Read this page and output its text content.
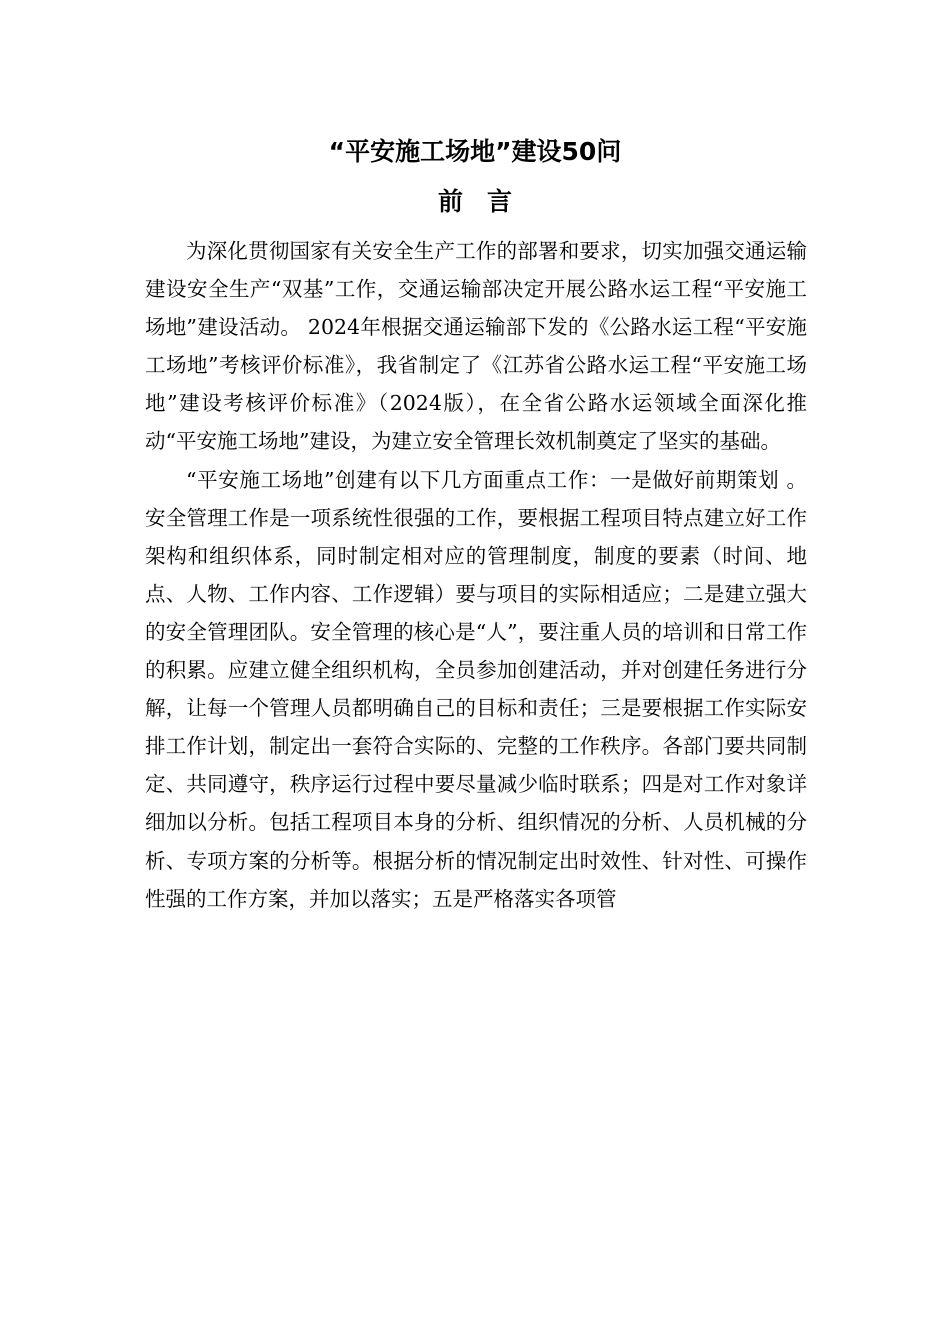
“平安施工场地”建设50问
前言

为深化贯彻国家有关安全生产工作的部署和要求，切实加强交通运输建设安全生产“双基”工作，交通运输部决定开展公路水运工程“平安施工场地”建设活动。 2024年根据交通运输部下发的《公路水运工程“平安施工场地”考核评价标准》，我省制定了《江苏省公路水运工程“平安施工场地”建设考核评价标准》（2024版），在全省公路水运领域全面深化推动“平安施工场地”建设，为建立安全管理长效机制奠定了坚实的基础。

“平安施工场地”创建有以下几方面重点工作：一是做好前期策划 。安全管理工作是一项系统性很强的工作，要根据工程项目特点建立好工作架构和组织体系，同时制定相对应的管理制度，制度的要素（时间、地点、人物、工作内容、工作逻辑）要与项目的实际相适应；二是建立强大的安全管理团队。安全管理的核心是“人”，要注重人员的培训和日常工作的积累。应建立健全组织机构，全员参加创建活动，并对创建任务进行分解，让每一个管理人员都明确自己的目标和责任；三是要根据工作实际安排工作计划，制定出一套符合实际的、完整的工作秩序。各部门要共同制定、共同遵守，秩序运行过程中要尽量减少临时联系；四是对工作对象详细加以分析。包括工程项目本身的分析、组织情况的分析、人员机械的分析、专项方案的分析等。根据分析的情况制定出时效性、针对性、可操作性强的工作方案，并加以落实；五是严格落实各项管
